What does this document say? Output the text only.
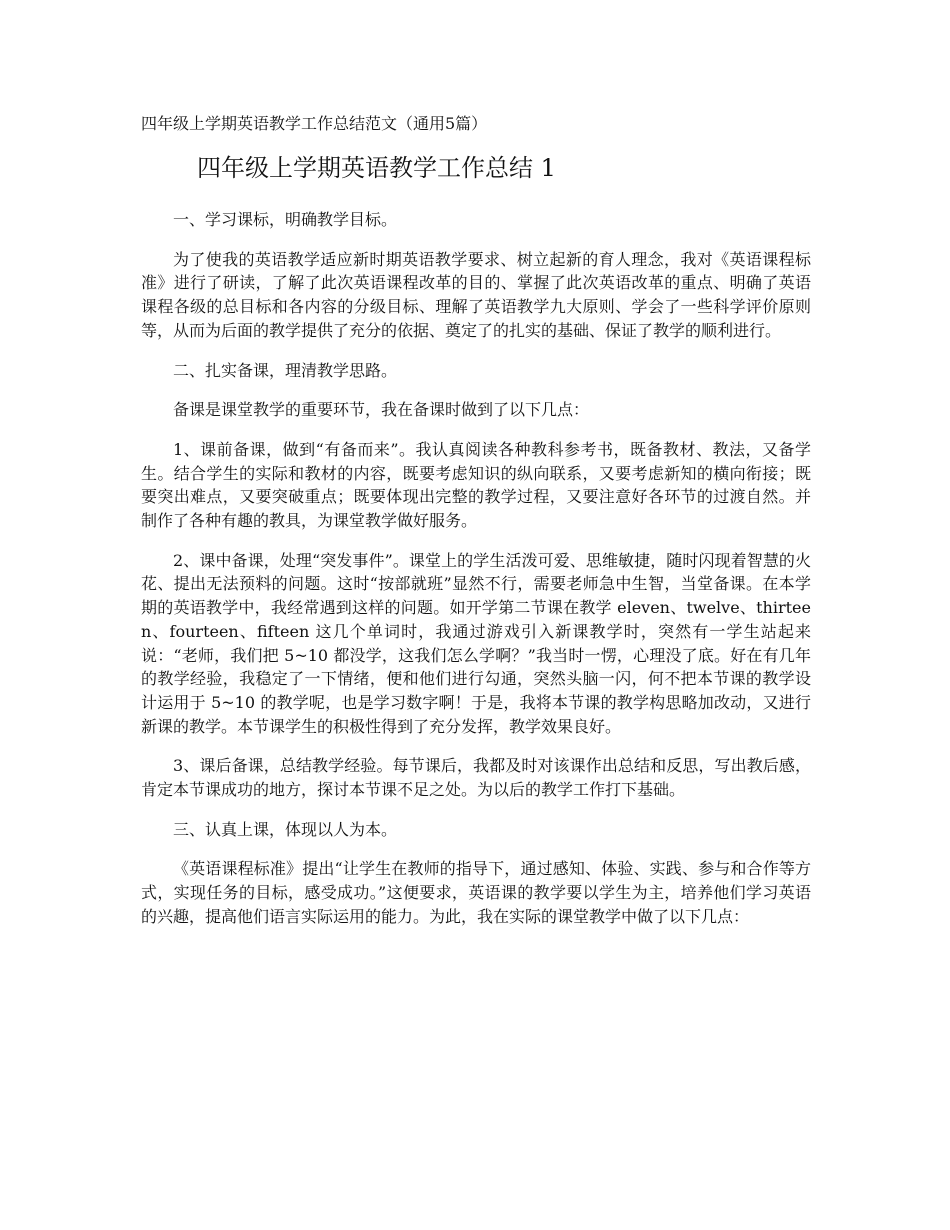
四年级上学期英语教学工作总结范文（通用5篇）
四年级上学期英语教学工作总结 1

一、学习课标，明确教学目标。

为了使我的英语教学适应新时期英语教学要求、树立起新的育人理念，我对《英语课程标准》进行了研读，了解了此次英语课程改革的目的、掌握了此次英语改革的重点、明确了英语课程各级的总目标和各内容的分级目标、理解了英语教学九大原则、学会了一些科学评价原则等，从而为后面的教学提供了充分的依据、奠定了的扎实的基础、保证了教学的顺利进行。

二、扎实备课，理清教学思路。

备课是课堂教学的重要环节，我在备课时做到了以下几点：

1、课前备课，做到“有备而来”。我认真阅读各种教科参考书，既备教材、教法，又备学生。结合学生的实际和教材的内容，既要考虑知识的纵向联系，又要考虑新知的横向衔接；既要突出难点，又要突破重点；既要体现出完整的教学过程，又要注意好各环节的过渡自然。并制作了各种有趣的教具，为课堂教学做好服务。

2、课中备课，处理“突发事件”。课堂上的学生活泼可爱、思维敏捷，随时闪现着智慧的火花、提出无法预料的问题。这时“按部就班”显然不行，需要老师急中生智，当堂备课。在本学期的英语教学中，我经常遇到这样的问题。如开学第二节课在教学 eleven、twelve、thirteen、fourteen、fifteen 这几个单词时，我通过游戏引入新课教学时，突然有一学生站起来说：“老师，我们把 5~10 都没学，这我们怎么学啊？”我当时一愣，心理没了底。好在有几年的教学经验，我稳定了一下情绪，便和他们进行勾通，突然头脑一闪，何不把本节课的教学设计运用于 5~10 的教学呢，也是学习数字啊！于是，我将本节课的教学构思略加改动，又进行新课的教学。本节课学生的积极性得到了充分发挥，教学效果良好。

3、课后备课，总结教学经验。每节课后，我都及时对该课作出总结和反思，写出教后感，肯定本节课成功的地方，探讨本节课不足之处。为以后的教学工作打下基础。

三、认真上课，体现以人为本。

《英语课程标准》提出“让学生在教师的指导下，通过感知、体验、实践、参与和合作等方式，实现任务的目标，感受成功。”这便要求，英语课的教学要以学生为主，培养他们学习英语的兴趣，提高他们语言实际运用的能力。为此，我在实际的课堂教学中做了以下几点：
